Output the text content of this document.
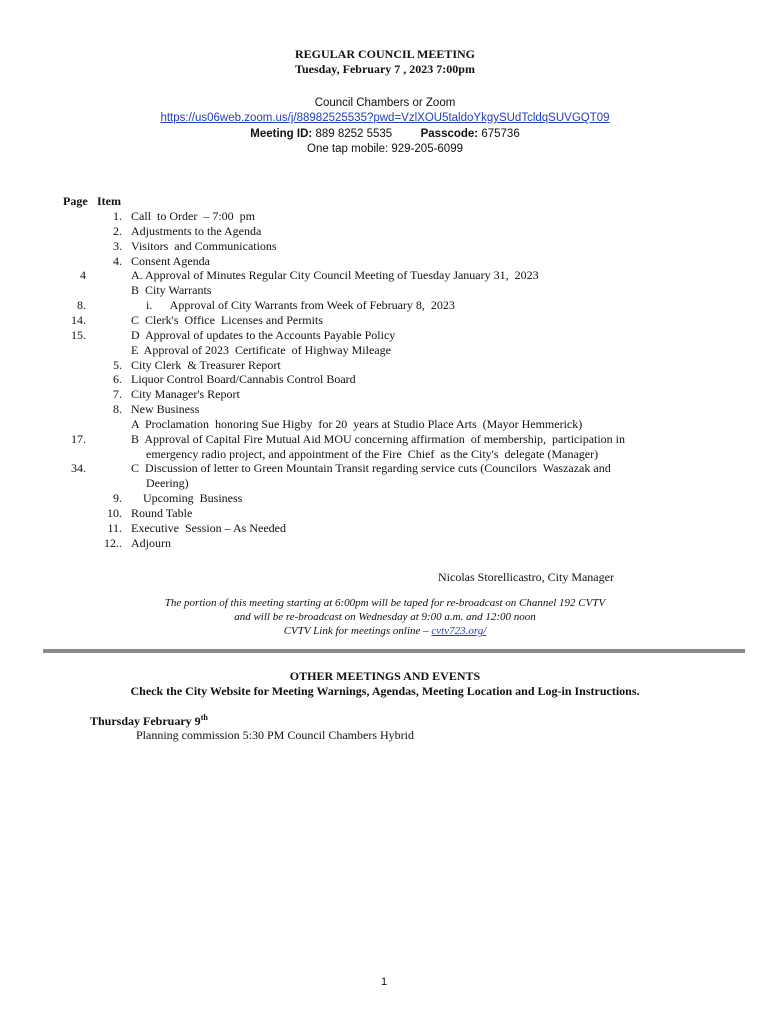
REGULAR COUNCIL MEETING
Tuesday, February 7 , 2023 7:00pm
Council Chambers or Zoom
https://us06web.zoom.us/j/88982525535?pwd=VzlXOU5taldoYkgySUdTcldqSUVGQT09
Meeting ID: 889 8252 5535 Passcode: 675736
One tap mobile: 929-205-6099
Page Item
1. Call  to Order  – 7:00  pm
2. Adjustments to the Agenda
3. Visitors  and Communications
4. Consent Agenda
4	A. Approval of Minutes Regular City Council Meeting of Tuesday January 31,  2023
B  City Warrants
8.	i.      Approval of City Warrants from Week of February 8,  2023
14.	C  Clerk's  Office  Licenses and Permits
15.	D  Approval of updates to the Accounts Payable Policy
E  Approval of 2023  Certificate  of Highway Mileage
5. City Clerk  & Treasurer Report
6. Liquor Control Board/Cannabis Control Board
7. City Manager's Report
8. New Business
A  Proclamation  honoring Sue Higby  for 20  years at Studio Place Arts  (Mayor Hemmerick)
17.	B  Approval of Capital Fire Mutual Aid MOU concerning affirmation  of membership,  participation in
emergency radio project, and appointment of the Fire  Chief  as the City's  delegate (Manager)
34.	C  Discussion of letter to Green Mountain Transit regarding service cuts (Councilors  Waszazak and
Deering)
9. Upcoming  Business
10. Round Table
11. Executive  Session – As Needed
12.. Adjourn
Nicolas Storellicastro, City Manager
The portion of this meeting starting at 6:00pm will be taped for re-broadcast on Channel 192 CVTV
and will be re-broadcast on Wednesday at 9:00 a.m. and 12:00 noon
CVTV Link for meetings online – cvtv723.org/
OTHER MEETINGS AND EVENTS
Check the City Website for Meeting Warnings, Agendas, Meeting Location and Log-in Instructions.
Thursday February 9th
Planning commission 5:30 PM Council Chambers Hybrid
1
